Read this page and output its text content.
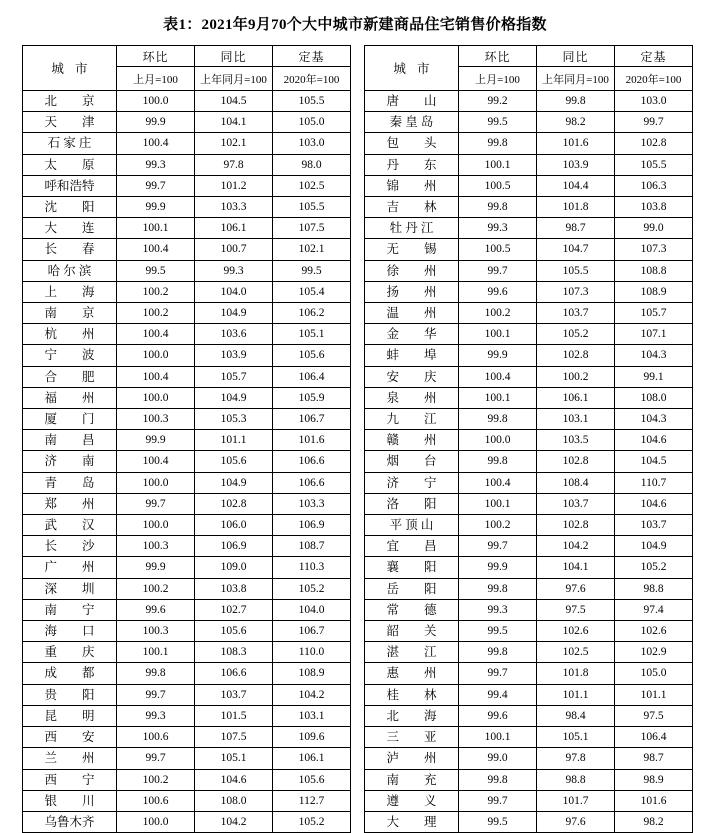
表1：2021年9月70个大中城市新建商品住宅销售价格指数
城 市	环比	同比	定基		城 市	环比	同比	定基
	上月=100	上年同月=100	2020年=100			上月=100	上年同月=100	2020年=100
北　　京	100.0	104.5	105.5		唐　　山	99.2	99.8	103.0
天　　津	99.9	104.1	105.0		秦 皇 岛	99.5	98.2	99.7
石 家 庄	100.4	102.1	103.0		包　　头	99.8	101.6	102.8
太　　原	99.3	97.8	98.0		丹　　东	100.1	103.9	105.5
呼和浩特	99.7	101.2	102.5		锦　　州	100.5	104.4	106.3
沈　　阳	99.9	103.3	105.5		吉　　林	99.8	101.8	103.8
大　　连	100.1	106.1	107.5		牡 丹 江	99.3	98.7	99.0
长　　春	100.4	100.7	102.1		无　　锡	100.5	104.7	107.3
哈 尔 滨	99.5	99.3	99.5		徐　　州	99.7	105.5	108.8
上　　海	100.2	104.0	105.4		扬　　州	99.6	107.3	108.9
南　　京	100.2	104.9	106.2		温　　州	100.2	103.7	105.7
杭　　州	100.4	103.6	105.1		金　　华	100.1	105.2	107.1
宁　　波	100.0	103.9	105.6		蚌　　埠	99.9	102.8	104.3
合　　肥	100.4	105.7	106.4		安　　庆	100.4	100.2	99.1
福　　州	100.0	104.9	105.9		泉　　州	100.1	106.1	108.0
厦　　门	100.3	105.3	106.7		九　　江	99.8	103.1	104.3
南　　昌	99.9	101.1	101.6		赣　　州	100.0	103.5	104.6
济　　南	100.4	105.6	106.6		烟　　台	99.8	102.8	104.5
青　　岛	100.0	104.9	106.6		济　　宁	100.4	108.4	110.7
郑　　州	99.7	102.8	103.3		洛　　阳	100.1	103.7	104.6
武　　汉	100.0	106.0	106.9		平 顶 山	100.2	102.8	103.7
长　　沙	100.3	106.9	108.7		宜　　昌	99.7	104.2	104.9
广　　州	99.9	109.0	110.3		襄　　阳	99.9	104.1	105.2
深　　圳	100.2	103.8	105.2		岳　　阳	99.8	97.6	98.8
南　　宁	99.6	102.7	104.0		常　　德	99.3	97.5	97.4
海　　口	100.3	105.6	106.7		韶　　关	99.5	102.6	102.6
重　　庆	100.1	108.3	110.0		湛　　江	99.8	102.5	102.9
成　　都	99.8	106.6	108.9		惠　　州	99.7	101.8	105.0
贵　　阳	99.7	103.7	104.2		桂　　林	99.4	101.1	101.1
昆　　明	99.3	101.5	103.1		北　　海	99.6	98.4	97.5
西　　安	100.6	107.5	109.6		三　　亚	100.1	105.1	106.4
兰　　州	99.7	105.1	106.1		泸　　州	99.0	97.8	98.7
西　　宁	100.2	104.6	105.6		南　　充	99.8	98.8	98.9
银　　川	100.6	108.0	112.7		遵　　义	99.7	101.7	101.6
乌鲁木齐	100.0	104.2	105.2		大　　理	99.5	97.6	98.2
